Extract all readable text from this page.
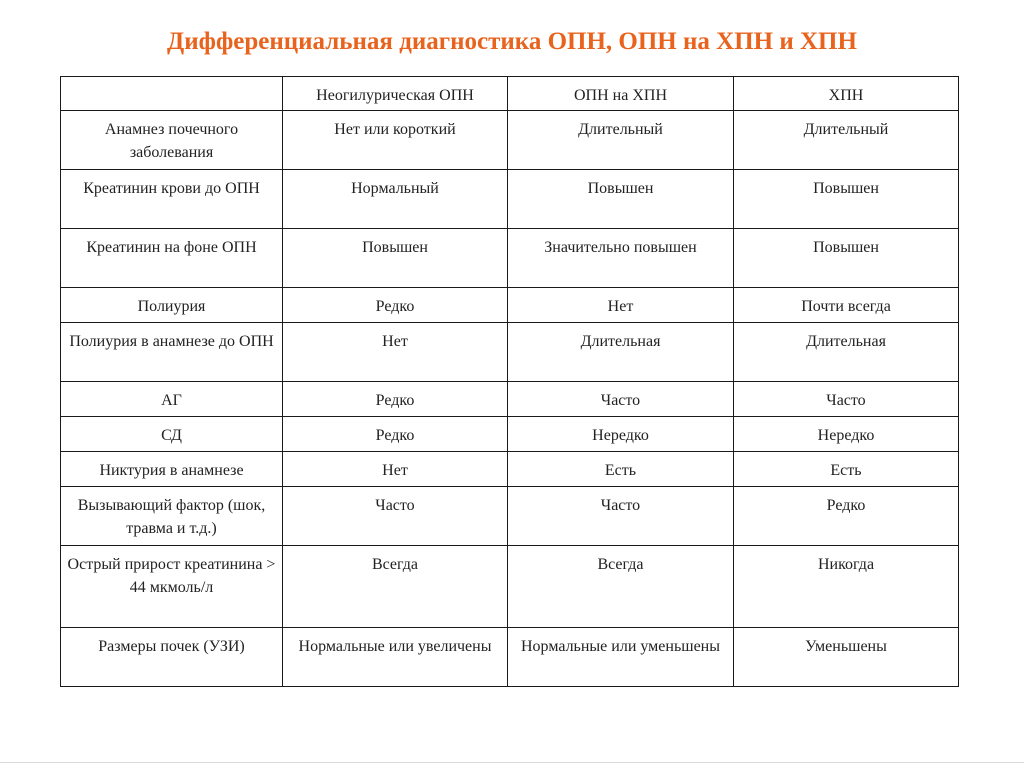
Дифференциальная диагностика ОПН, ОПН на ХПН и ХПН
	Неогилурическая ОПН	ОПН на ХПН	ХПН
Анамнез почечного заболевания	Нет или короткий	Длительный	Длительный
Креатинин крови до ОПН	Нормальный	Повышен	Повышен
Креатинин на фоне ОПН	Повышен	Значительно повышен	Повышен
Полиурия	Редко	Нет	Почти всегда
Полиурия в анамнезе до ОПН	Нет	Длительная	Длительная
АГ	Редко	Часто	Часто
СД	Редко	Нередко	Нередко
Никтурия в анамнезе	Нет	Есть	Есть
Вызывающий фактор (шок, травма и т.д.)	Часто	Часто	Редко
Острый прирост креатинина > 44 мкмоль/л	Всегда	Всегда	Никогда
Размеры почек (УЗИ)	Нормальные или увеличены	Нормальные или уменьшены	Уменьшены
